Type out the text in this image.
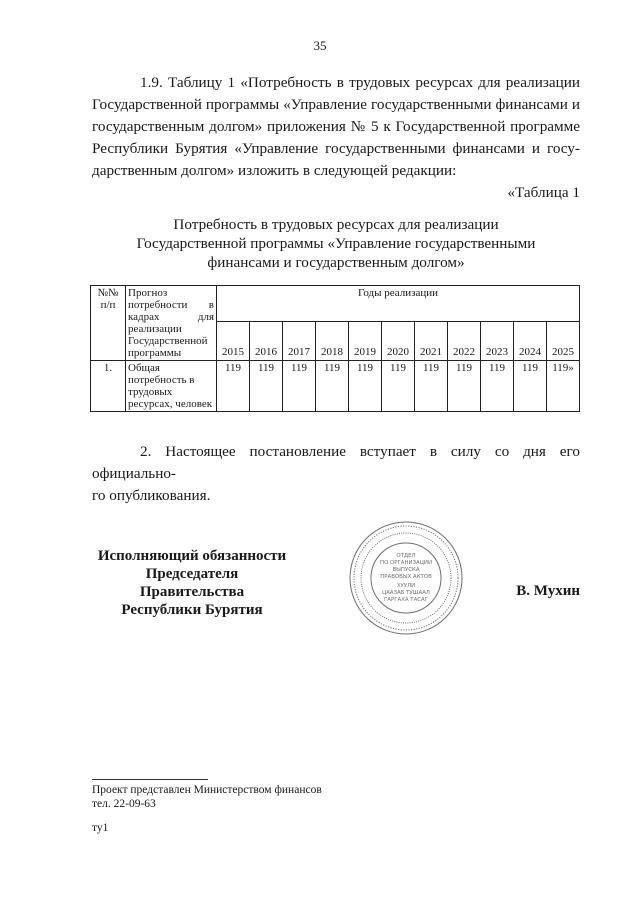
35
1.9. Таблицу 1 «Потребность в трудовых ресурсах для реализации
Государственной программы «Управление государственными финансами и
государственным долгом» приложения № 5 к Государственной программе
Республики Бурятия «Управление государственными финансами и госу-
дарственным долгом» изложить в следующей редакции:
«Таблица 1
Потребность в трудовых ресурсах для реализации
Государственной программы «Управление государственными
финансами и государственным долгом»
№№ п/п	Прогноз потребности в кадрах для реализации Государственной программы	Годы реализации										
		2015	2016	2017	2018	2019	2020	2021	2022	2023	2024	2025
1.	Общая потребность в трудовых ресурсах, человек	119	119	119	119	119	119	119	119	119	119	119»
2. Настоящее постановление вступает в силу со дня его официально-
го опубликования.
Исполняющий обязанности
Председателя Правительства
Республики Бурятия
ОТДЕЛ
ПО ОРГАНИЗАЦИИ
ВЫПУСКА
ПРАВОВЫХ АКТОВ
ХУУЛИ
ЦААЗАБ ТУШААЛ
ГАРГАХА ТАСАГ
В. Мухин
Проект представлен Министерством финансов
тел. 22-09-63
ту1
